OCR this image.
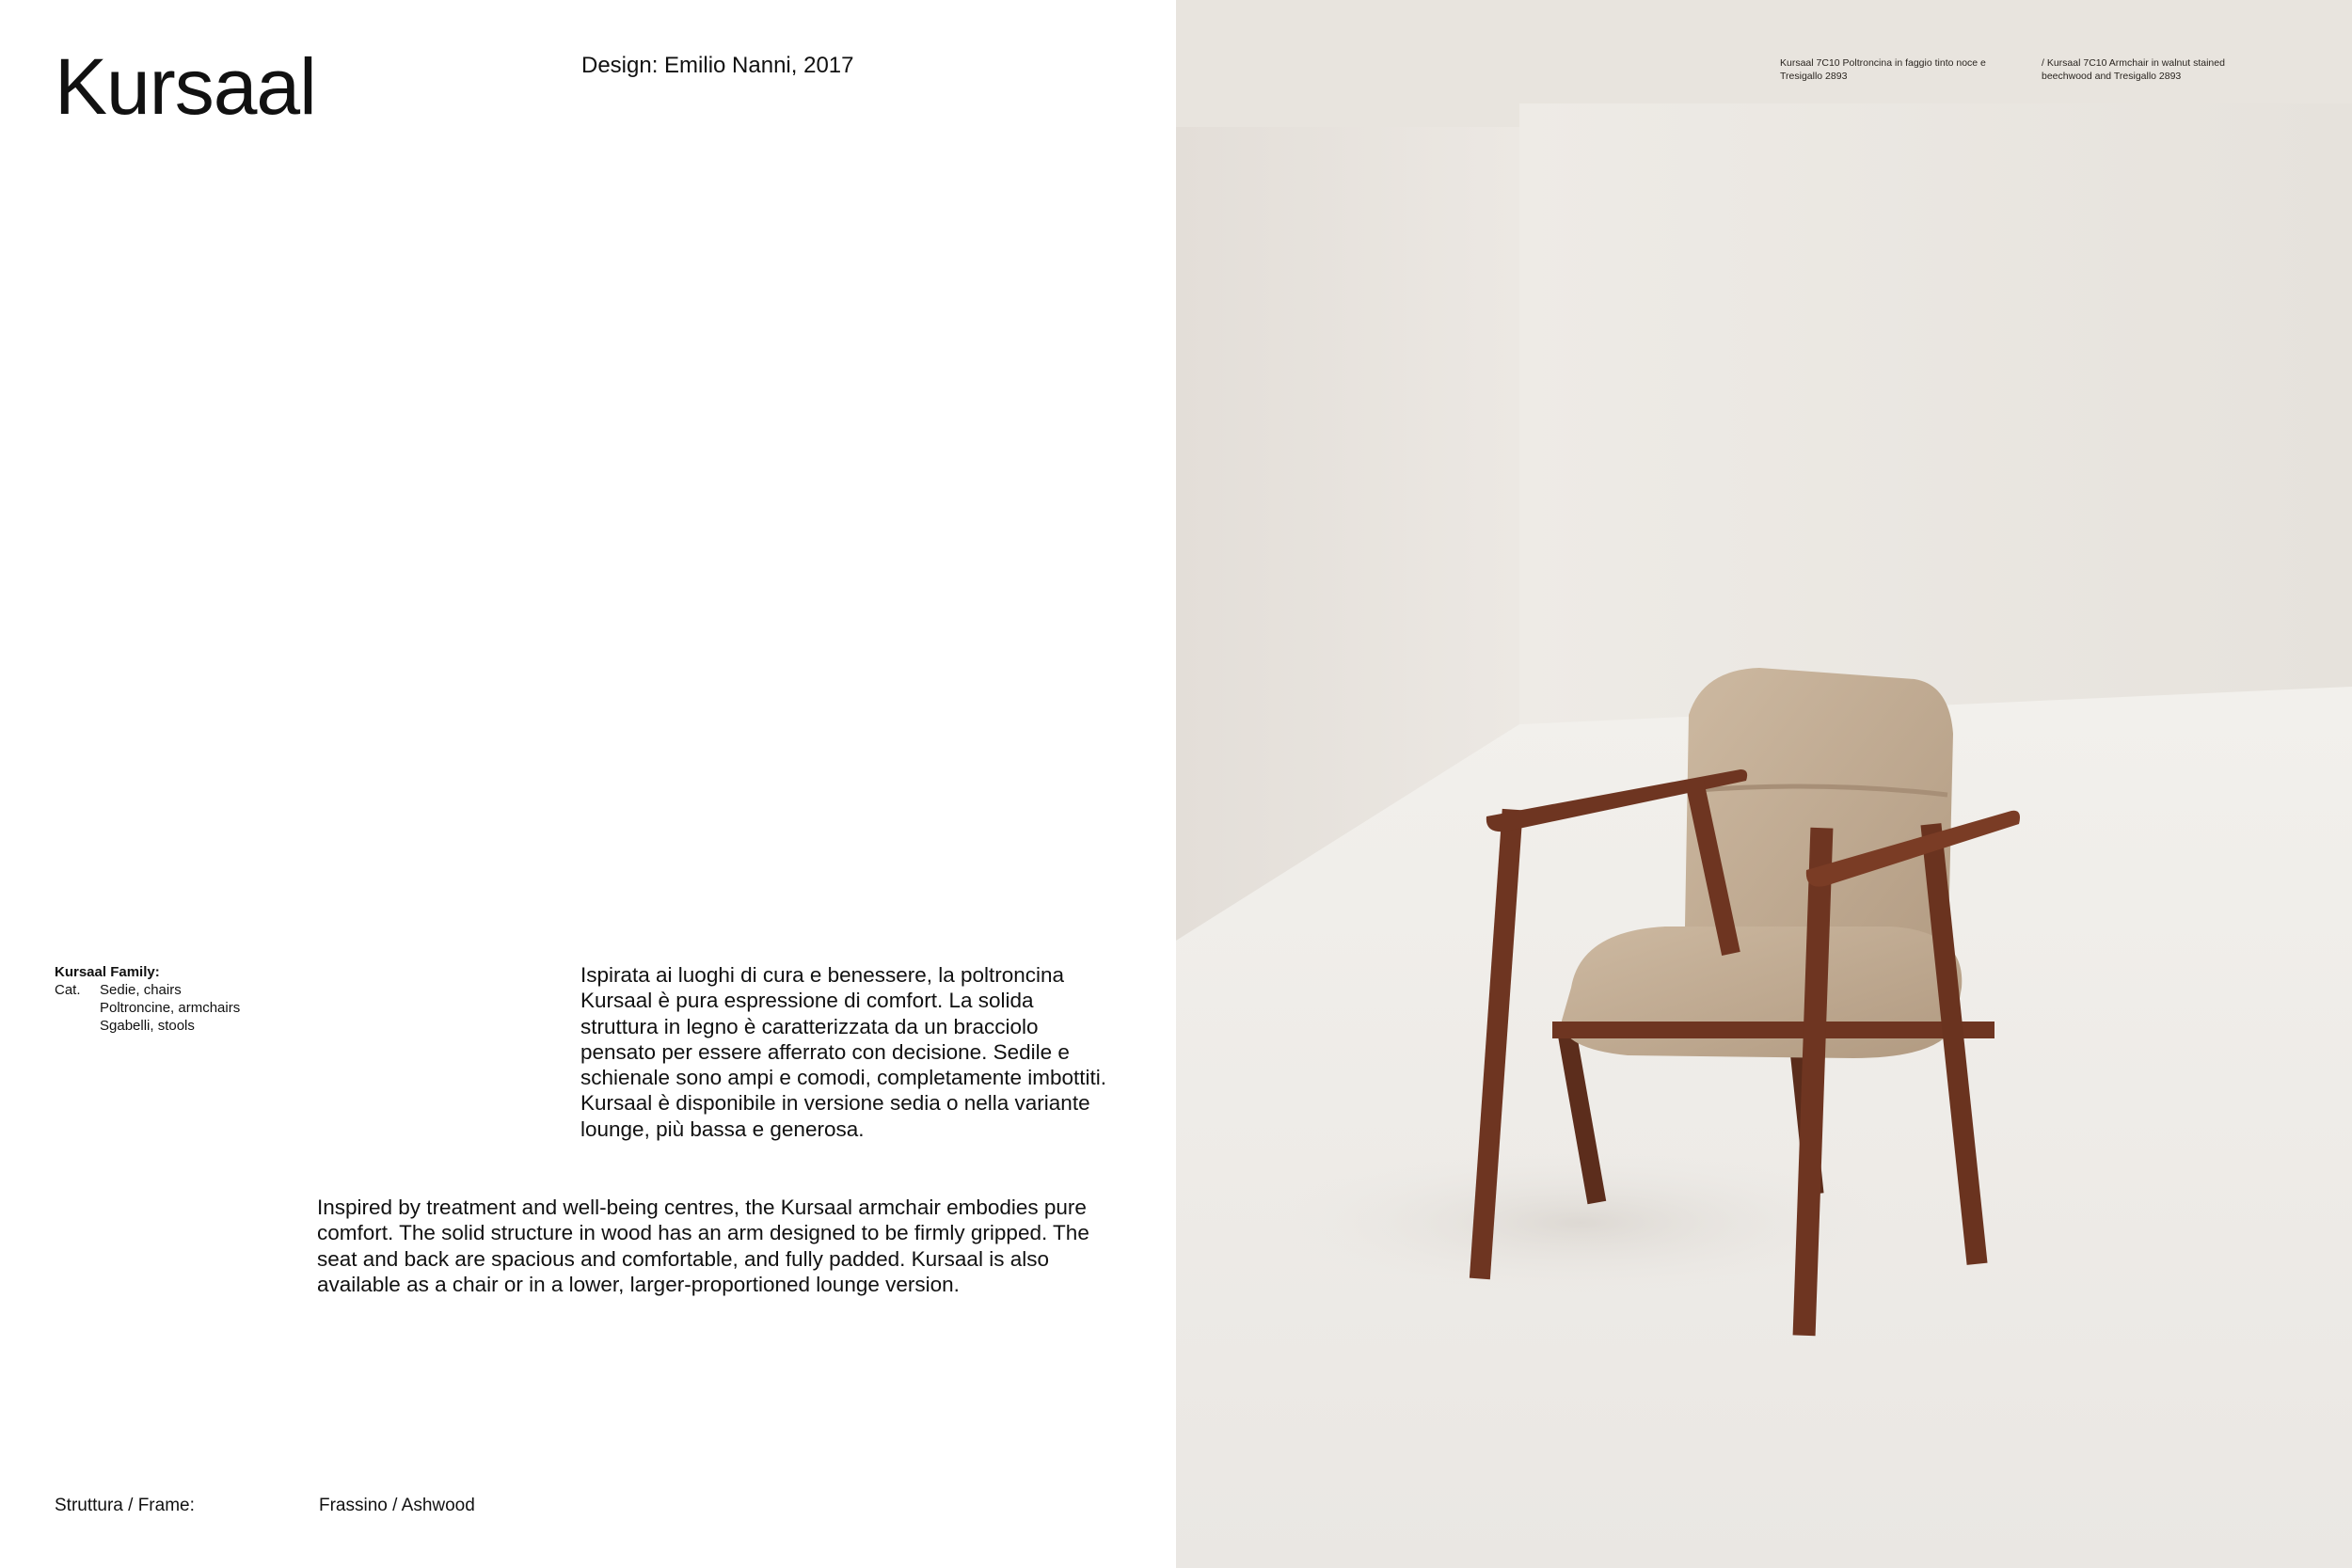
Kursaal	Design: Emilio Nanni, 2017
Kursaal Family:
Cat.	Sedie, chairs
Poltroncine, armchairs
Sgabelli, stools

Ispirata ai luoghi di cura e benessere, la poltroncina Kursaal è pura espressione di comfort. La solida struttura in legno è caratterizzata da un bracciolo pensato per essere afferrato con decisione. Sedile e schienale sono ampi e comodi, completamente imbottiti. Kursaal è disponibile in versione sedia o nella variante lounge, più bassa e generosa.

Inspired by treatment and well-being centres, the Kursaal armchair embodies pure comfort. The solid structure in wood has an arm designed to be firmly gripped. The seat and back are spacious and comfortable, and fully padded. Kursaal is also available as a chair or in a lower, larger-proportioned lounge version.

Struttura / Frame:	Frassino / Ashwood
Kursaal 7C10 Poltroncina in faggio tinto noce e Tresigallo 2893
/ Kursaal 7C10 Armchair in walnut stained beechwood and Tresigallo 2893
